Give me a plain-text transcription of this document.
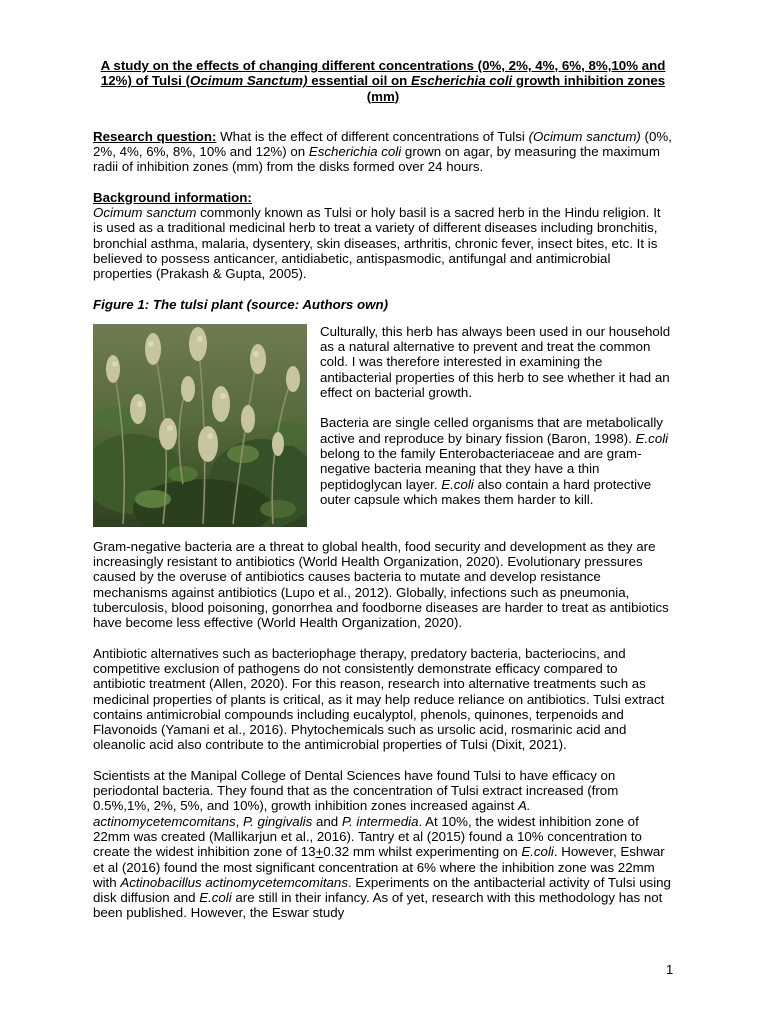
A study on the effects of changing different concentrations (0%, 2%, 4%, 6%, 8%,10% and 12%) of Tulsi (Ocimum Sanctum) essential oil on Escherichia coli growth inhibition zones (mm)

Research question: What is the effect of different concentrations of Tulsi (Ocimum sanctum) (0%, 2%, 4%, 6%, 8%, 10% and 12%) on Escherichia coli grown on agar, by measuring the maximum radii of inhibition zones (mm) from the disks formed over 24 hours.

Background information:

Ocimum sanctum commonly known as Tulsi or holy basil is a sacred herb in the Hindu religion. It is used as a traditional medicinal herb to treat a variety of different diseases including bronchitis, bronchial asthma, malaria, dysentery, skin diseases, arthritis, chronic fever, insect bites, etc. It is believed to possess anticancer, antidiabetic, antispasmodic, antifungal and antimicrobial properties (Prakash & Gupta, 2005).

Figure 1: The tulsi plant (source: Authors own)

Culturally, this herb has always been used in our household as a natural alternative to prevent and treat the common cold. I was therefore interested in examining the antibacterial properties of this herb to see whether it had an effect on bacterial growth.

Bacteria are single celled organisms that are metabolically active and reproduce by binary fission (Baron, 1998). E.coli belong to the family Enterobacteriaceae and are gram-negative bacteria meaning that they have a thin peptidoglycan layer. E.coli also contain a hard protective outer capsule which makes them harder to kill.

Gram-negative bacteria are a threat to global health, food security and development as they are increasingly resistant to antibiotics (World Health Organization, 2020). Evolutionary pressures caused by the overuse of antibiotics causes bacteria to mutate and develop resistance mechanisms against antibiotics (Lupo et al., 2012). Globally, infections such as pneumonia, tuberculosis, blood poisoning, gonorrhea and foodborne diseases are harder to treat as antibiotics have become less effective (World Health Organization, 2020).

Antibiotic alternatives such as bacteriophage therapy, predatory bacteria, bacteriocins, and competitive exclusion of pathogens do not consistently demonstrate efficacy compared to antibiotic treatment (Allen, 2020). For this reason, research into alternative treatments such as medicinal properties of plants is critical, as it may help reduce reliance on antibiotics. Tulsi extract contains antimicrobial compounds including eucalyptol, phenols, quinones, terpenoids and Flavonoids (Yamani et al., 2016). Phytochemicals such as ursolic acid, rosmarinic acid and oleanolic acid also contribute to the antimicrobial properties of Tulsi (Dixit, 2021).

Scientists at the Manipal College of Dental Sciences have found Tulsi to have efficacy on periodontal bacteria. They found that as the concentration of Tulsi extract increased (from 0.5%,1%, 2%, 5%, and 10%), growth inhibition zones increased against A. actinomycetemcomitans, P. gingivalis and P. intermedia. At 10%, the widest inhibition zone of 22mm was created (Mallikarjun et al., 2016). Tantry et al (2015) found a 10% concentration to create the widest inhibition zone of 13+0.32 mm whilst experimenting on E.coli. However, Eshwar et al (2016) found the most significant concentration at 6% where the inhibition zone was 22mm with Actinobacillus actinomycetemcomitans. Experiments on the antibacterial activity of Tulsi using disk diffusion and E.coli are still in their infancy. As of yet, research with this methodology has not been published. However, the Eswar study

1
